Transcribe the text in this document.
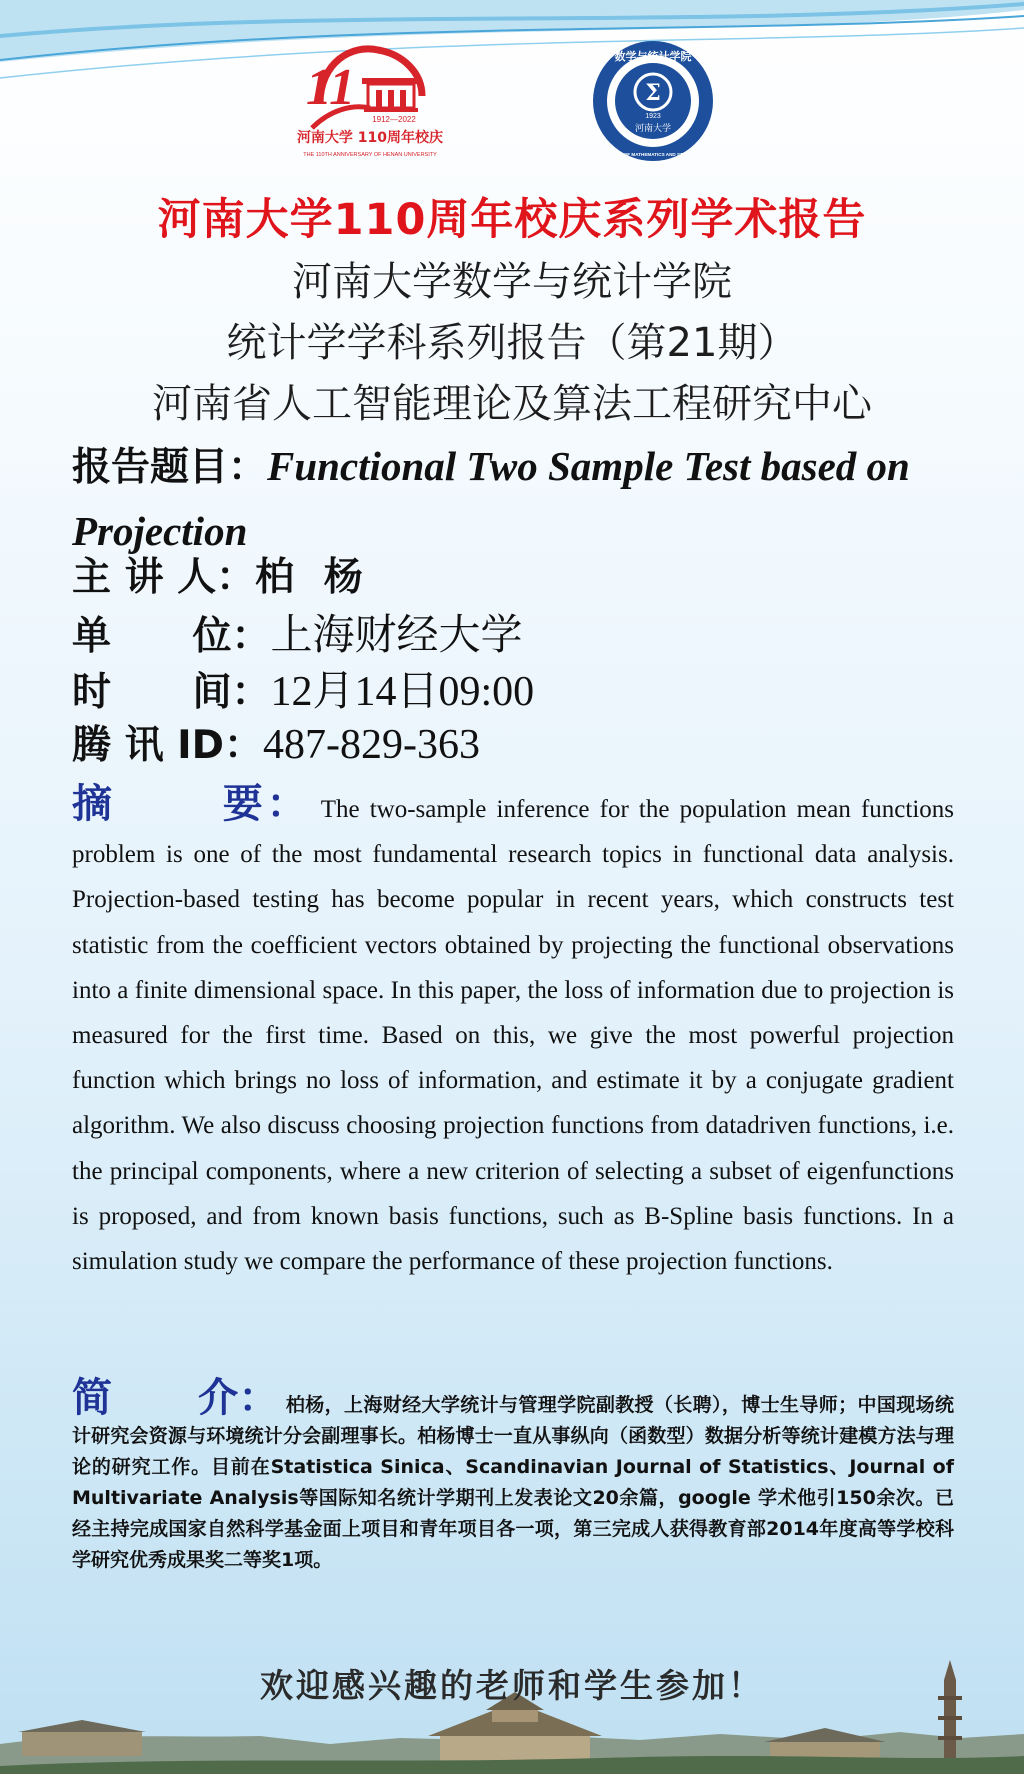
11
1912—2022
河南大学 110周年校庆
THE 110TH ANNIVERSARY OF HENAN UNIVERSITY
数学与统计学院
SCHOOL OF MATHEMATICS AND STATISTICS
Σ
1923
河南大学
河南大学110周年校庆系列学术报告
河南大学数学与统计学院
统计学学科系列报告（第21期）
河南省人工智能理论及算法工程研究中心
报告题目：Functional Two Sample Test based on Projection
主 讲 人：柏 杨
单      位：上海财经大学
时      间：12月14日09:00
腾 讯 ID：487-829-363
摘      要： The two-sample inference for the population mean functions problem is one of the most fundamental research topics in functional data analysis. Projection-based testing has become popular in recent years, which constructs test statistic from the coefficient vectors obtained by projecting the functional observations into a finite dimensional space. In this paper, the loss of information due to projection is measured for the first time. Based on this, we give the most powerful projection function which brings no loss of information, and estimate it by a conjugate gradient algorithm. We also discuss choosing projection functions from datadriven functions, i.e. the principal components, where a new criterion of selecting a subset of eigenfunctions is proposed, and from known basis functions, such as B-Spline basis functions. In a simulation study we compare the performance of these projection functions.
简      介： 柏杨，上海财经大学统计与管理学院副教授（长聘），博士生导师；中国现场统计研究会资源与环境统计分会副理事长。柏杨博士一直从事纵向（函数型）数据分析等统计建模方法与理论的研究工作。目前在Statistica Sinica、Scandinavian Journal of Statistics、Journal of Multivariate Analysis等国际知名统计学期刊上发表论文20余篇，google 学术他引150余次。已经主持完成国家自然科学基金面上项目和青年项目各一项，第三完成人获得教育部2014年度高等学校科学研究优秀成果奖二等奖1项。
欢迎感兴趣的老师和学生参加！
